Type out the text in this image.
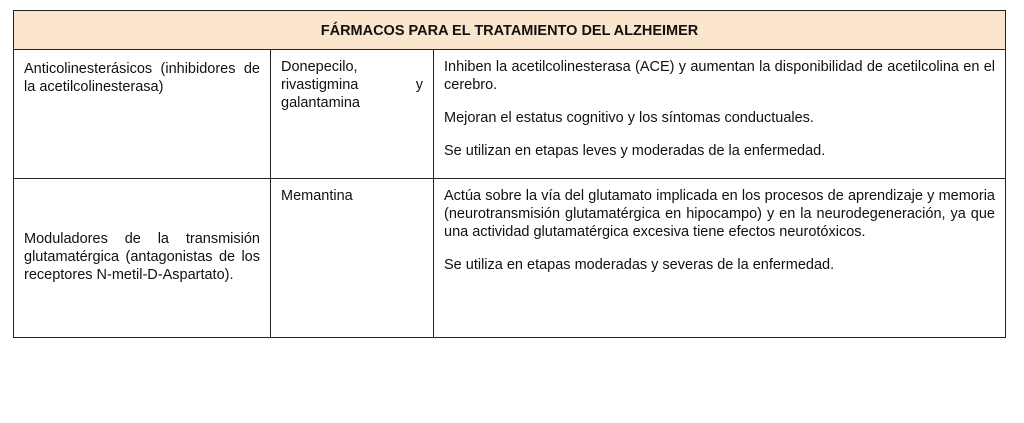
FÁRMACOS PARA EL TRATAMIENTO DEL ALZHEIMER		
Anticolinesterásicos (inhibidores de la acetilcolinesterasa)	Donepecilo, rivastigmina y galantamina	Inhiben la acetilcolinesterasa (ACE) y aumentan la disponibilidad de acetilcolina en el cerebro.

Mejoran el estatus cognitivo y los síntomas conductuales.

Se utilizan en etapas leves y moderadas de la enfermedad.

Moduladores de la transmisión glutamatérgica (antagonistas de los receptores N-metil-D-Aspartato).	Memantina	Actúa sobre la vía del glutamato implicada en los procesos de aprendizaje y memoria (neurotransmisión glutamatérgica en hipocampo) y en la neurodegeneración, ya que una actividad glutamatérgica excesiva tiene efectos neurotóxicos.

Se utiliza en etapas moderadas y severas de la enfermedad.
